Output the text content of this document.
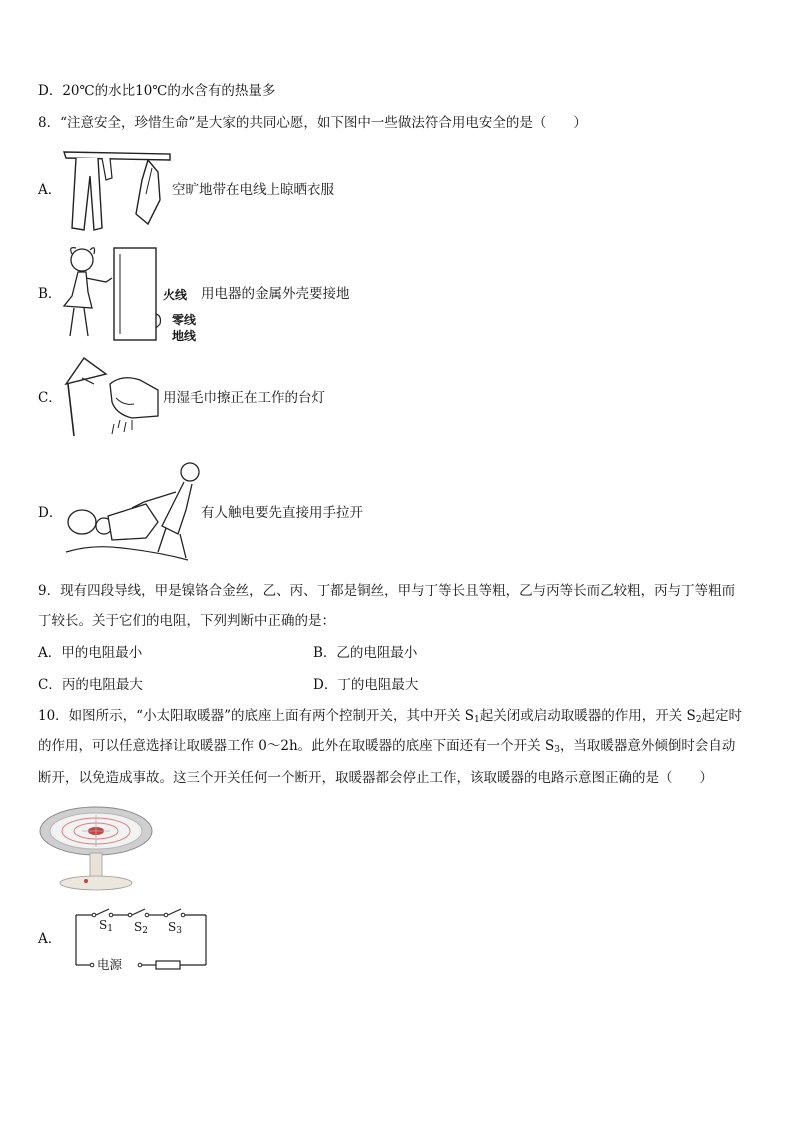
D．20℃的水比10℃的水含有的热量多
8．“注意安全，珍惜生命”是大家的共同心愿，如下图中一些做法符合用电安全的是（　　）
A．	空旷地带在电线上晾晒衣服
B．	火线
零线
地线
用电器的金属外壳要接地
C．	用湿毛巾擦正在工作的台灯
D．	有人触电要先直接用手拉开
9．现有四段导线，甲是镍铬合金丝，乙、丙、丁都是铜丝，甲与丁等长且等粗，乙与丙等长而乙较粗，丙与丁等粗而
丁较长。关于它们的电阻，下列判断中正确的是：
A．甲的电阻最小	B．乙的电阻最小
C．丙的电阻最大	D．丁的电阻最大
10．如图所示，“小太阳取暖器”的底座上面有两个控制开关，其中开关 $S_1$起关闭或启动取暖器的作用，开关 $S_2$起定时
的作用，可以任意选择让取暖器工作 0～2h。此外在取暖器的底座下面还有一个开关 $S_3$，当取暖器意外倾倒时会自动
断开，以免造成事故。这三个开关任何一个断开，取暖器都会停止工作，该取暖器的电路示意图正确的是（　　）
A．
$S_1$ $S_2$ $S_3$
电源
